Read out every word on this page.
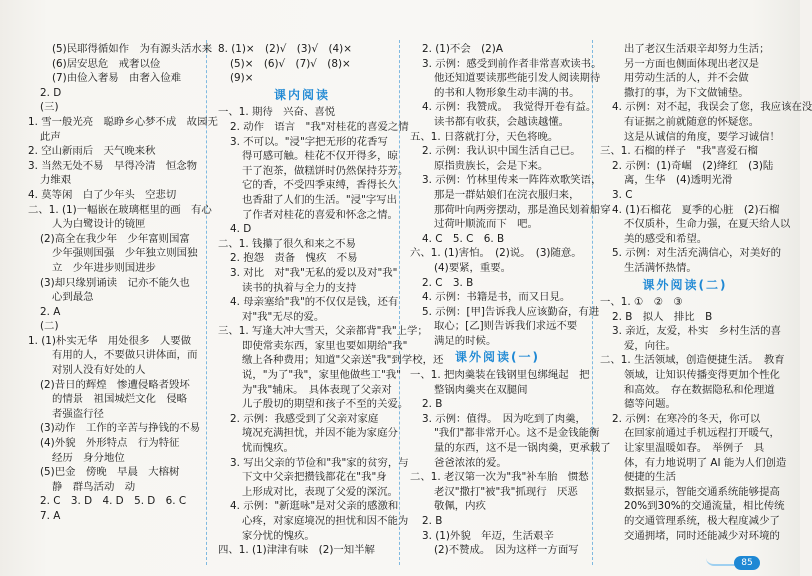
(5)民耶得循如作　为有源头活水来
(6)居安思危　戒奢以俭
(7)由俭入奢易　由奢入俭难
2. D
(三)
1. 雪一般光亮　聪睁乡心梦不成　故园无
此声
2. 空山新雨后　天气晚来秋
3. 当然无处不易　早得冷清　恒念物
力维艰
4. 莫等闲　白了少年头　空悲切
二、1. (1)一幅嵌在玻璃框里的画　有心
人为白鹭设计的镜匣
(2)高全在我少年　少年富则国富
少年强则国强　少年独立则国独
立　少年进步则国进步
(3)却只缘别诵读　记亦不能久也
心到最急
2. A
(二)
1. (1)朴实无华　用处很多　人要做
有用的人，不要做只讲体面，而
对别人没有好处的人
(2)昔日的辉煌　惨遭侵略者毁坏
的情景　祖国城烂文化　侵略
者强盗行径
(3)动作　工作的辛苦与挣钱的不易
(4)外貌　外形特点　行为特征
经历　身分地位
(5)巴金　傍晚　早晨　大榕树
静　群鸟活动　动
2. C　3. D　4. D　5. D　6. C
7. A
8. (1)×　(2)√　(3)√　(4)×
(5)×　(6)√　(7)√　(8)×
(9)×
课内阅读
一、1. 期待　兴奋、喜悦
2. 动作　语言　"我"对桂花的喜爱之情
3. 不可以。"浸"字把无形的花香写
得可感可触。桂花不仅开得多，晾
干了泡茶，做糕饼时仍然保持芬芳。
它的香，不受四季束缚，香得长久
也香甜了人们的生活。"浸"字写出
了作者对桂花的喜爱和怀念之情。
4. D
二、1. 钱攥了很久和来之不易
2. 抱怨　责备　愧疚　不易
3. 对比　对"我"无私的爱以及对"我"
读书的执着与全力的支持
4. 母亲塞给"我"的不仅仅是钱，还有
对"我"无尽的爱。
三、1. 写逢大冲大雪天，父亲都背"我"上学；
即使常卖东西，家里也要如期给"我"
缴上各种费用；知道"父亲送"我"到学校，还
说，"为了"我"，家里他做些工"我"
为"我"辅床。　具体表现了父亲对
儿子殷切的期望和孩子不至的关爱。
2. 示例：我感受到了父亲对家庭
境况充满担忧，并因不能为家庭分
忧而愧疚。
3. 写出父亲的节俭和"我"家的贫穷，与
下文中父亲把攒钱都花在"我"身
上形成对比，表现了父爱的深沉。
4. 示例："新逛咏"是对父亲的感激和
心疼，对家庭境况的担忧和因不能为
家分忧的愧疚。
四、1. (1)津津有味　(2)一知半解
2. (1)不会　(2)A
3. 示例：感受到前作者非常喜欢读书。
他还知道要读那些能引发人阅读期待
的书和人物形象生动丰满的书。
4. 示例：我赞成。　我觉得开卷有益。
读书都有收获，会越读越懂。
五、1. 日落就打分，天色将晚。
2. 示例：我认识中国生活自己已。
原指贵族长，会是下来。
3. 示例：竹林里传来一阵阵欢歌笑语，
那是一群姑娘们在浣衣服归来，
那荷叶向两旁摆动，那是渔民划着船穿
过荷叶顺流而下　吧。
4. C　5. C　6. B
六、1. (1)害怕。　(2)说。　(3)随意。
(4)要紧，重要。
2. C　3. B
4. 示例：书籍是书，而又日見。
5. 示例：[甲]告诉我人应该勤奋，有进
取心；[乙]则告诉我们求远不要
满足的时候。
课外阅读(一)
一、1. 把肉羹装在钱钢里包绑绳起　把
整锅肉羹夹在双腿间
2. B
3. 示例：值得。　因为吃到了肉羹，
"我们"都非常开心。这不是金钱能衡
量的东西，这不是一锅肉羹，更承载了
爸爸浓浓的爱。
二、1. 老汉第一次为"我"补车胎　惯愁
老汉"撒打"被"我"抓现行　厌恶
敬佩，内疚
2. B
3. (1)外貌　年迈，生活艰辛
(2)不赞成。　因为这样一方面写
出了老汉生活艰辛却努力生活；
另一方面也侧面体现出老汉是
用劳动生活的人，并不会做
撒打的事，为下文做铺垫。
4. 示例：对不起，我误会了您，我应该在没
有证据之前就随意的怀疑您。
这是从诚信的角度，要学习诚信！
三、1. 石榴的样子　"我"喜爱石榴
2. 示例：(1)奇崛　(2)绛红　(3)陆
离，生华　(4)透明光滑
3. C
4. (1)石榴花　夏季的心脏　(2)石榴
不仅质朴，生命力强，在夏天给人以
美的感受和希望。
5. 示例：对生活充满信心，对美好的
生活满怀热情。
课外阅读(二)
一、1. ①　②　③
2. B　拟人　排比　B
3. 亲近，友爱，朴实　乡村生活的喜
爱，向往。
二、1. 生活领域，创造便捷生活。　教育
领域，让知识传播变得更加个性化
和高效。　存在数据隐私和伦理道
德等问题。
2. 示例：在寒冷的冬天，你可以
在回家前通过手机远程打开暖气，
让家里温暖如春。　举例子　具
体，有力地说明了 AI 能为人们创造
便捷的生活
数据显示，智能交通系统能够提高
20%到30%的交通流量，相比传统
的交通管理系统，极大程度减少了
交通拥堵，同时还能减少对环境的
85
